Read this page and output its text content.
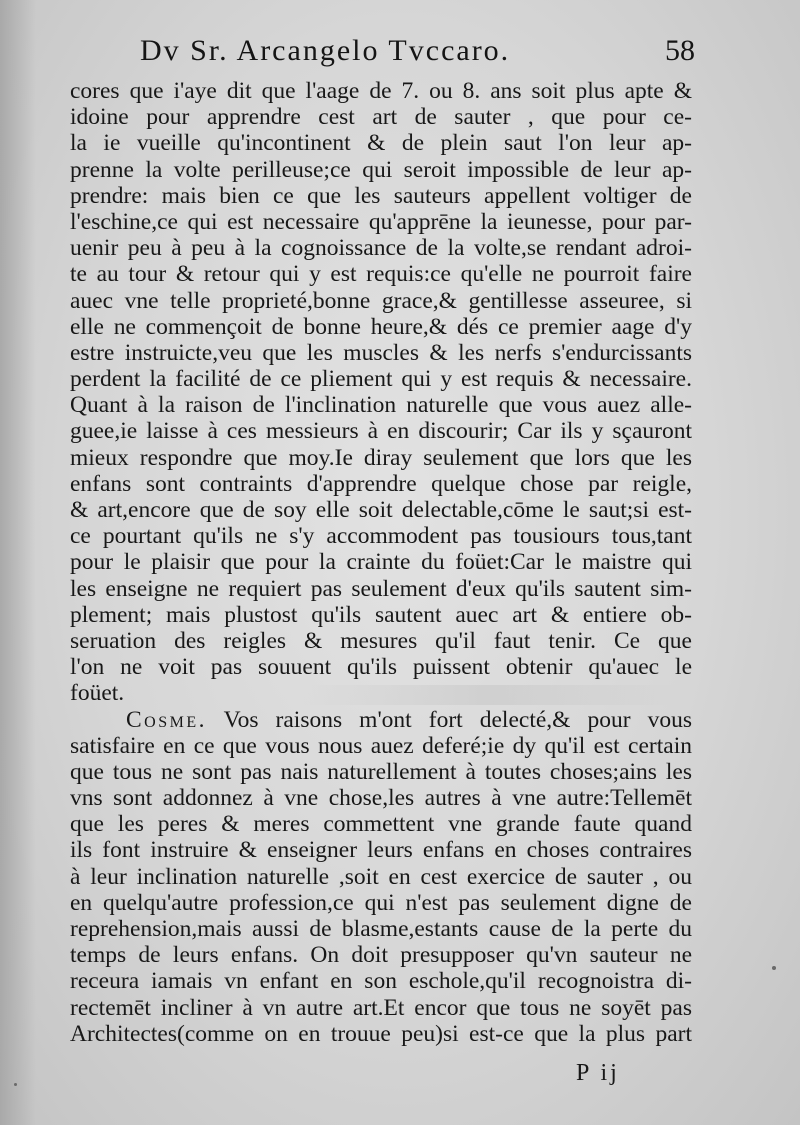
Dv Sr. Arcangelo Tvccaro.	58
cores que i'aye dit que l'aage de 7. ou 8. ans soit plus apte &
idoine pour apprendre cest art de sauter , que pour ce-
la ie vueille qu'incontinent & de plein saut l'on leur ap-
prenne la volte perilleuse;ce qui seroit impossible de leur ap-
prendre: mais bien ce que les sauteurs appellent voltiger de
l'eschine,ce qui est necessaire qu'apprēne la ieunesse, pour par-
uenir peu à peu à la cognoissance de la volte,se rendant adroi-
te au tour & retour qui y est requis:ce qu'elle ne pourroit faire
auec vne telle proprieté,bonne grace,& gentillesse asseuree, si
elle ne commençoit de bonne heure,& dés ce premier aage d'y
estre instruicte,veu que les muscles & les nerfs s'endurcissants
perdent la facilité de ce pliement qui y est requis & necessaire.
Quant à la raison de l'inclination naturelle que vous auez alle-
guee,ie laisse à ces messieurs à en discourir; Car ils y sçauront
mieux respondre que moy.Ie diray seulement que lors que les
enfans sont contraints d'apprendre quelque chose par reigle,
& art,encore que de soy elle soit delectable,cōme le saut;si est-
ce pourtant qu'ils ne s'y accommodent pas tousiours tous,tant
pour le plaisir que pour la crainte du foüet:Car le maistre qui
les enseigne ne requiert pas seulement d'eux qu'ils sautent sim-
plement; mais plustost qu'ils sautent auec art & entiere ob-
seruation des reigles & mesures qu'il faut tenir. Ce que
l'on ne voit pas souuent qu'ils puissent obtenir qu'auec le
foüet.
Cosme. Vos raisons m'ont fort delecté,& pour vous
satisfaire en ce que vous nous auez deferé;ie dy qu'il est certain
que tous ne sont pas nais naturellement à toutes choses;ains les
vns sont addonnez à vne chose,les autres à vne autre:Tellemēt
que les peres & meres commettent vne grande faute quand
ils font instruire & enseigner leurs enfans en choses contraires
à leur inclination naturelle ,soit en cest exercice de sauter , ou
en quelqu'autre profession,ce qui n'est pas seulement digne de
reprehension,mais aussi de blasme,estants cause de la perte du
temps de leurs enfans. On doit presupposer qu'vn sauteur ne
receura iamais vn enfant en son eschole,qu'il recognoistra di-
rectemēt incliner à vn autre art.Et encor que tous ne soyēt pas
Architectes(comme on en trouue peu)si est-ce que la plus part
P ij
